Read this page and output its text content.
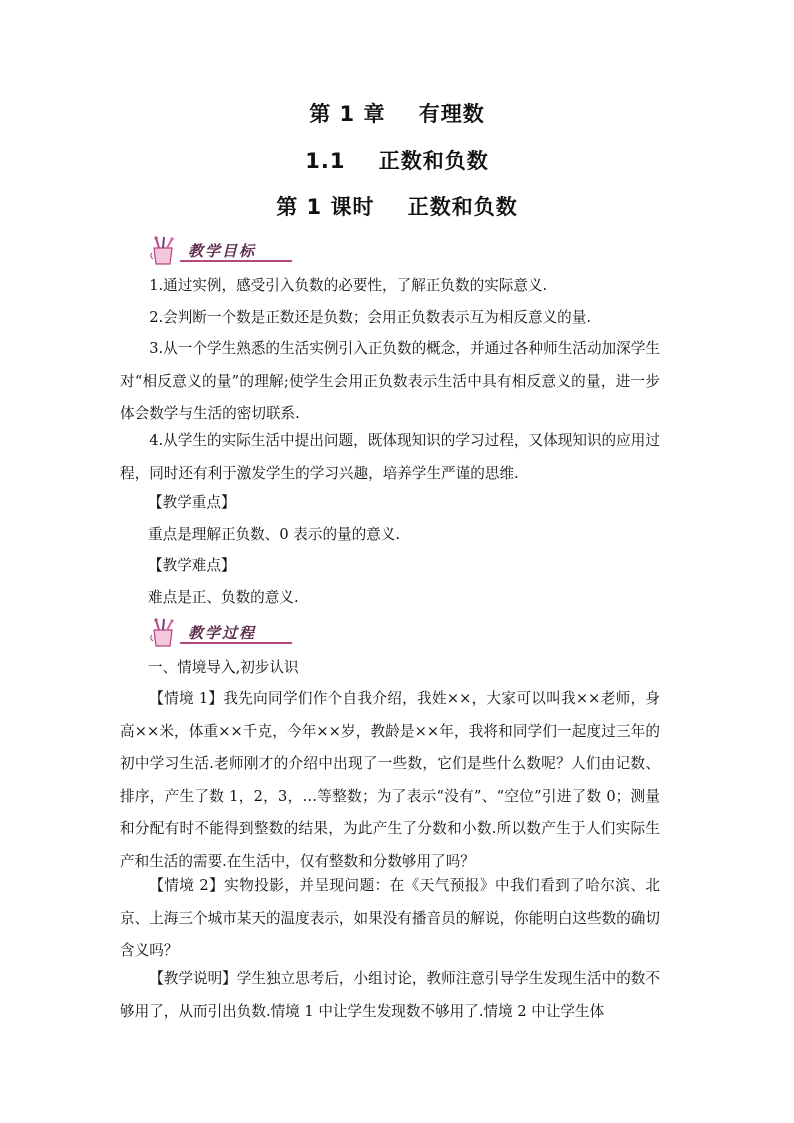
第 1 章    有理数
1.1    正数和负数
第 1 课时    正数和负数
教学目标
1.通过实例，感受引入负数的必要性，了解正负数的实际意义.
2.会判断一个数是正数还是负数；会用正负数表示互为相反意义的量.
3.从一个学生熟悉的生活实例引入正负数的概念，并通过各种师生活动加深学生对“相反意义的量”的理解;使学生会用正负数表示生活中具有相反意义的量，进一步体会数学与生活的密切联系.
4.从学生的实际生活中提出问题，既体现知识的学习过程，又体现知识的应用过程，同时还有利于激发学生的学习兴趣，培养学生严谨的思维.
【教学重点】
重点是理解正负数、0 表示的量的意义.
【教学难点】
难点是正、负数的意义.
教学过程
一、情境导入,初步认识
【情境 1】我先向同学们作个自我介绍，我姓××，大家可以叫我××老师，身高××米，体重××千克，今年××岁，教龄是××年，我将和同学们一起度过三年的初中学习生活.老师刚才的介绍中出现了一些数，它们是些什么数呢？人们由记数、排序，产生了数 1，2，3，…等整数；为了表示“没有”、“空位”引进了数 0；测量和分配有时不能得到整数的结果，为此产生了分数和小数.所以数产生于人们实际生产和生活的需要.在生活中，仅有整数和分数够用了吗？
【情境 2】实物投影，并呈现问题：在《天气预报》中我们看到了哈尔滨、北京、上海三个城市某天的温度表示，如果没有播音员的解说，你能明白这些数的确切含义吗？
【教学说明】学生独立思考后，小组讨论，教师注意引导学生发现生活中的数不够用了，从而引出负数.情境 1 中让学生发现数不够用了.情境 2 中让学生体
